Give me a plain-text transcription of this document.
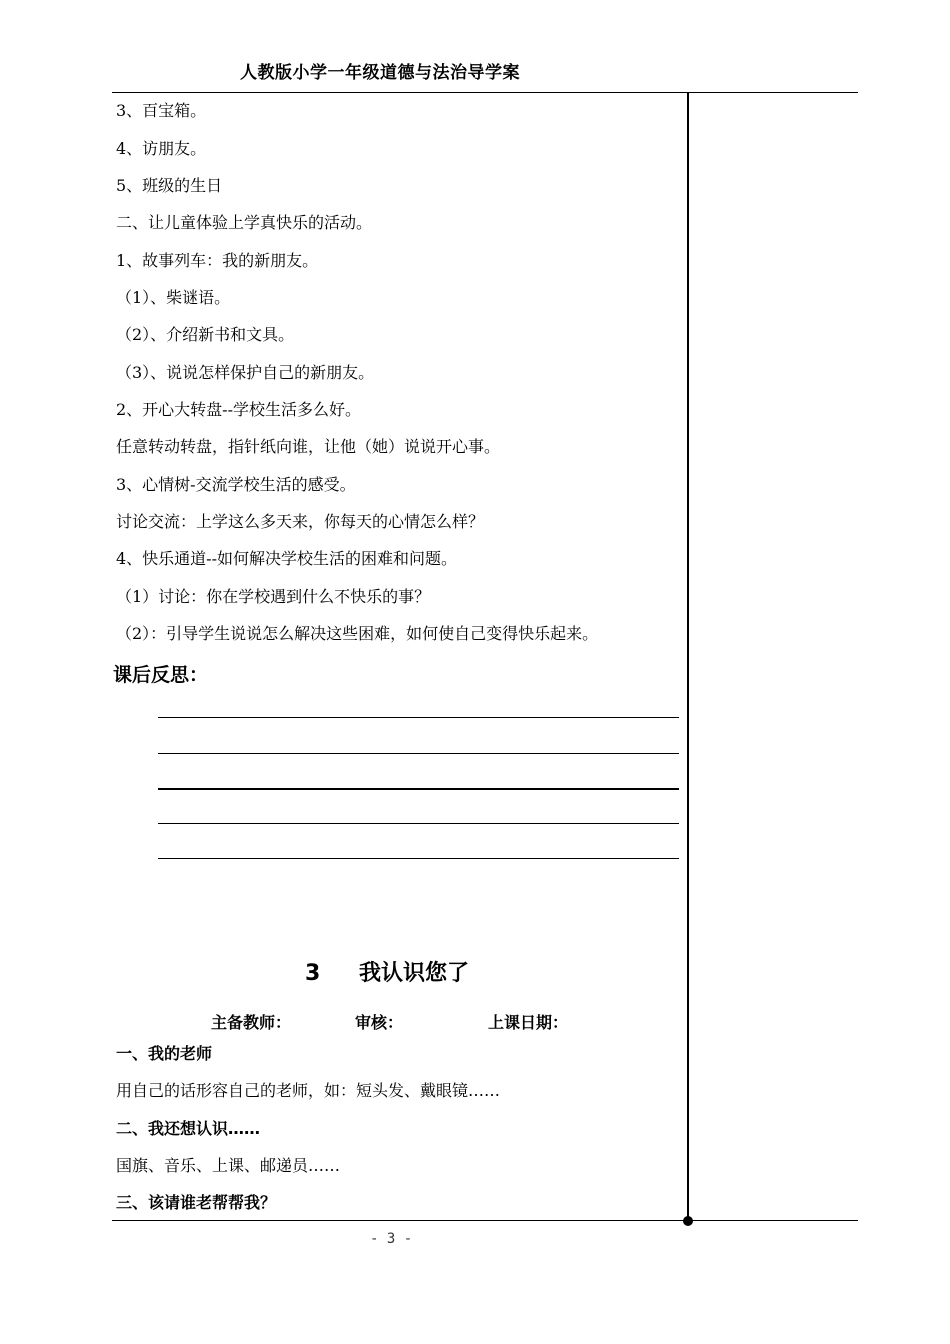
人教版小学一年级道德与法治导学案
3、百宝箱。
4、访朋友。
5、班级的生日
二、让儿童体验上学真快乐的活动。
1、故事列车：我的新朋友。
（1）、柴谜语。
（2）、介绍新书和文具。
（3）、说说怎样保护自己的新朋友。
2、开心大转盘--学校生活多么好。
任意转动转盘，指针纸向谁，让他（她）说说开心事。
3、心情树-交流学校生活的感受。
讨论交流：上学这么多天来，你每天的心情怎么样？
4、快乐通道--如何解决学校生活的困难和问题。
（1）讨论：你在学校遇到什么不快乐的事？
（2）：引导学生说说怎么解决这些困难，如何使自己变得快乐起来。
课后反思：
3 我认识您了
主备教师：	审核：	上课日期：
一、我的老师
用自己的话形容自己的老师，如：短头发、戴眼镜……
二、我还想认识……
国旗、音乐、上课、邮递员……
三、该请谁老帮帮我？
- 3 -
